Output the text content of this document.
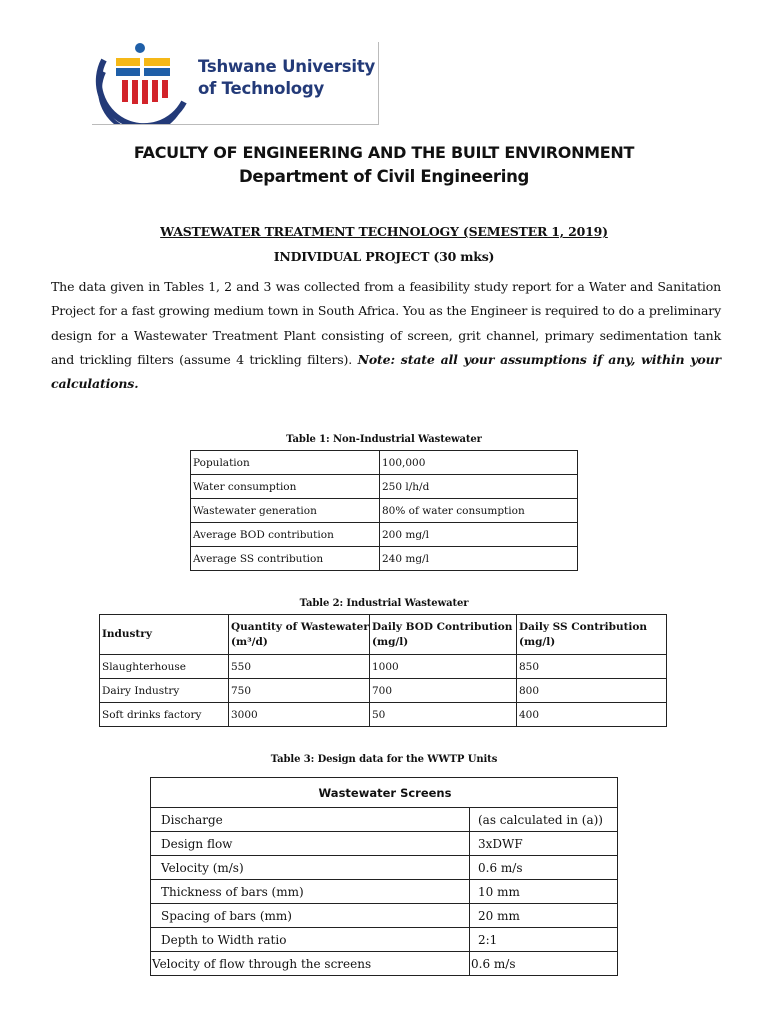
Tshwane University
of Technology
FACULTY OF ENGINEERING AND THE BUILT ENVIRONMENT
Department of Civil Engineering
WASTEWATER TREATMENT TECHNOLOGY (SEMESTER 1, 2019)
INDIVIDUAL PROJECT (30 mks)
The data given in Tables 1, 2 and 3 was collected from a feasibility study report for a Water and Sanitation Project for a fast growing medium town in South Africa. You as the Engineer is required to do a preliminary design for a Wastewater Treatment Plant consisting of screen, grit channel, primary sedimentation tank and trickling filters (assume 4 trickling filters). Note: state all your assumptions if any, within your calculations.
Table 1: Non-Industrial Wastewater
Population	100,000
Water consumption	250 l/h/d
Wastewater generation	80% of water consumption
Average BOD contribution	200 mg/l
Average SS contribution	240 mg/l
Table 2: Industrial Wastewater
Industry	Quantity of Wastewater (m³/d)	Daily BOD Contribution (mg/l)	Daily SS Contribution (mg/l)
Slaughterhouse	550	1000	850
Dairy Industry	750	700	800
Soft drinks factory	3000	50	400
Table 3: Design data for the WWTP Units
Wastewater Screens	
Discharge	(as calculated in (a))
Design flow	3xDWF
Velocity (m/s)	0.6 m/s
Thickness of bars (mm)	10 mm
Spacing of bars (mm)	20 mm
Depth to Width ratio	2:1
Velocity of flow through the screens	0.6 m/s
